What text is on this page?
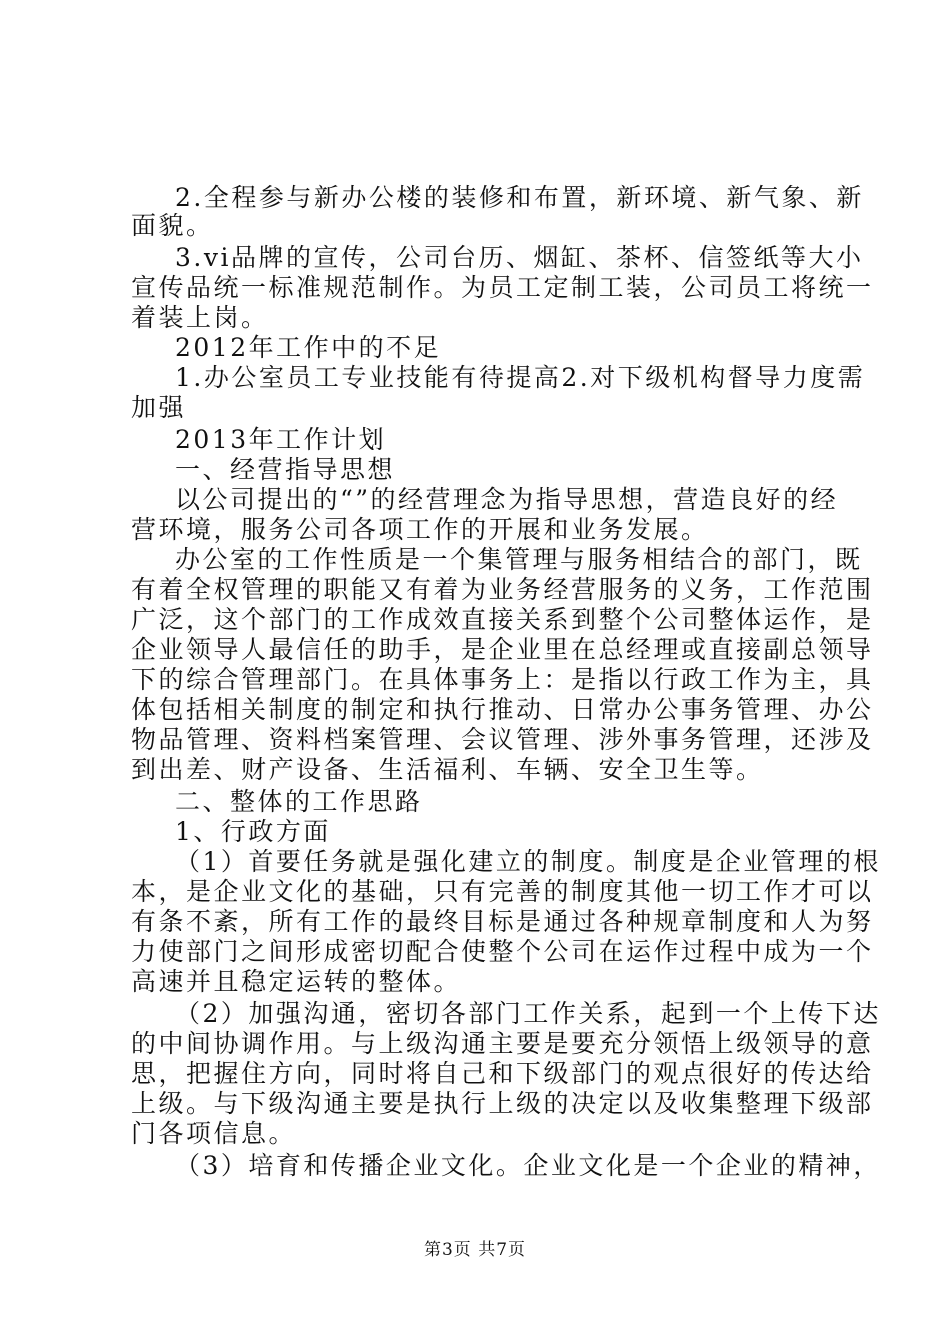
2.全程参与新办公楼的装修和布置，新环境、新气象、新
面貌。
3.vi品牌的宣传，公司台历、烟缸、茶杯、信签纸等大小
宣传品统一标准规范制作。为员工定制工装，公司员工将统一
着装上岗。
2012年工作中的不足
1.办公室员工专业技能有待提高2.对下级机构督导力度需
加强
2013年工作计划
一、经营指导思想
以公司提出的“”的经营理念为指导思想，营造良好的经
营环境，服务公司各项工作的开展和业务发展。
办公室的工作性质是一个集管理与服务相结合的部门，既
有着全权管理的职能又有着为业务经营服务的义务，工作范围
广泛，这个部门的工作成效直接关系到整个公司整体运作，是
企业领导人最信任的助手，是企业里在总经理或直接副总领导
下的综合管理部门。在具体事务上：是指以行政工作为主，具
体包括相关制度的制定和执行推动、日常办公事务管理、办公
物品管理、资料档案管理、会议管理、涉外事务管理，还涉及
到出差、财产设备、生活福利、车辆、安全卫生等。
二、整体的工作思路
1、行政方面
（1）首要任务就是强化建立的制度。制度是企业管理的根
本，是企业文化的基础，只有完善的制度其他一切工作才可以
有条不紊，所有工作的最终目标是通过各种规章制度和人为努
力使部门之间形成密切配合使整个公司在运作过程中成为一个
高速并且稳定运转的整体。
（2）加强沟通，密切各部门工作关系，起到一个上传下达
的中间协调作用。与上级沟通主要是要充分领悟上级领导的意
思，把握住方向，同时将自己和下级部门的观点很好的传达给
上级。与下级沟通主要是执行上级的决定以及收集整理下级部
门各项信息。
（3）培育和传播企业文化。企业文化是一个企业的精神，
第3页 共7页
